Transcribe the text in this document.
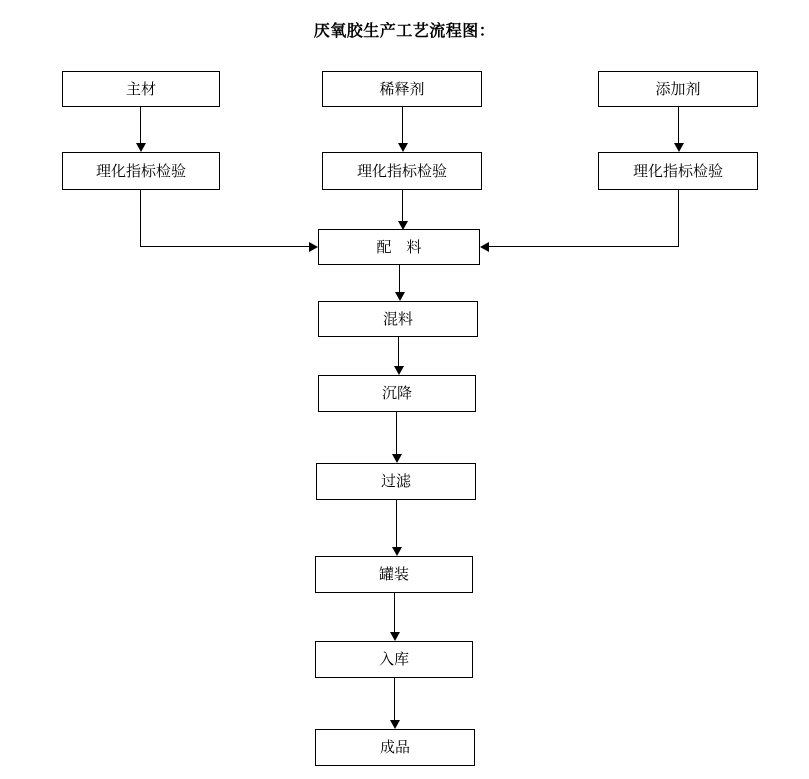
厌氧胶生产工艺流程图：
主材	稀释剂	添加剂
理化指标检验	理化指标检验	理化指标检验
配　料
混料
沉降
过滤
罐装
入库
成品
